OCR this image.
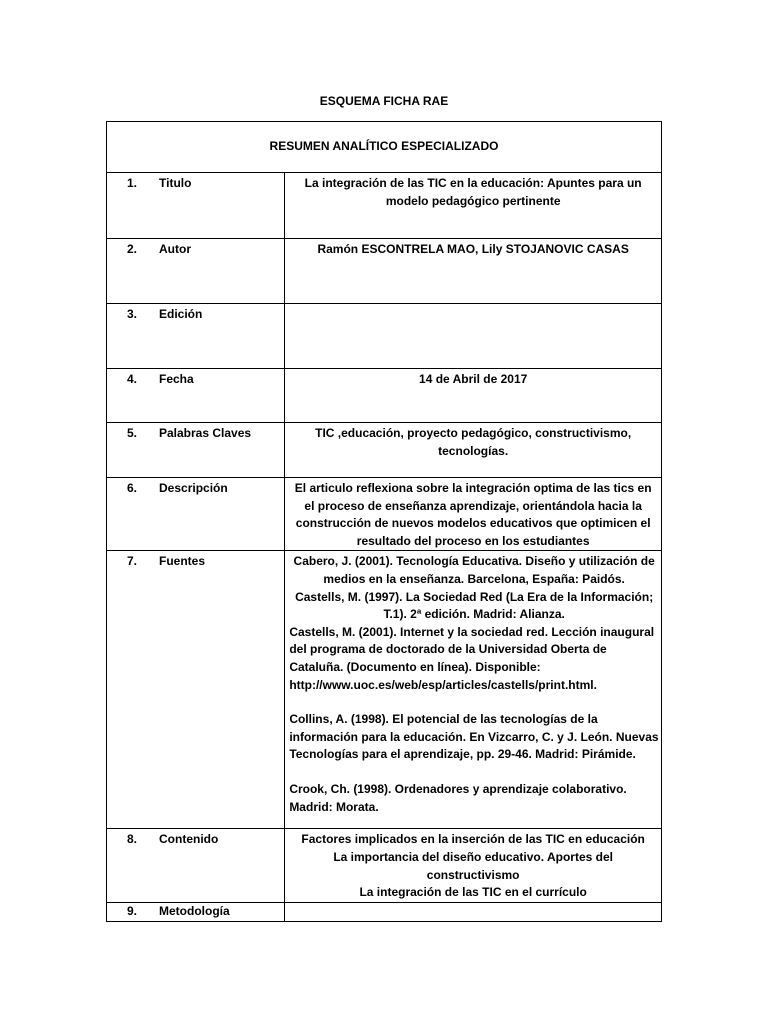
ESQUEMA FICHA RAE
RESUMEN ANALÍTICO ESPECIALIZADO	

1. Titulo	La integración de las TIC en la educación: Apuntes para un modelo pedagógico pertinente

2. Autor	Ramón ESCONTRELA MAO, Lily STOJANOVIC CASAS

3. Edición	

4. Fecha	14 de Abril de 2017

5. Palabras Claves	TIC ,educación, proyecto pedagógico, constructivismo, tecnologías.

6. Descripción	El articulo reflexiona sobre la integración optima de las tics en el proceso de enseñanza aprendizaje, orientándola hacia la construcción de nuevos modelos educativos que optimicen el resultado del proceso en los estudiantes

7. Fuentes	Cabero, J. (2001). Tecnología Educativa. Diseño y utilización de medios en la enseñanza. Barcelona, España: Paidós.
Castells, M. (1997). La Sociedad Red (La Era de la Información; T.1). 2ª edición. Madrid: Alianza.
Castells, M. (2001). Internet y la sociedad red. Lección inaugural del programa de doctorado de la Universidad Oberta de Cataluña. (Documento en línea). Disponible: http://www.uoc.es/web/esp/articles/castells/print.html.
Collins, A. (1998). El potencial de las tecnologías de la información para la educación. En Vizcarro, C. y J. León. Nuevas Tecnologías para el aprendizaje, pp. 29-46. Madrid: Pirámide.
Crook, Ch. (1998). Ordenadores y aprendizaje colaborativo. Madrid: Morata.

8. Contenido	Factores implicados en la inserción de las TIC en educación
La importancia del diseño educativo. Aportes del constructivismo
La integración de las TIC en el currículo

9. Metodología	
